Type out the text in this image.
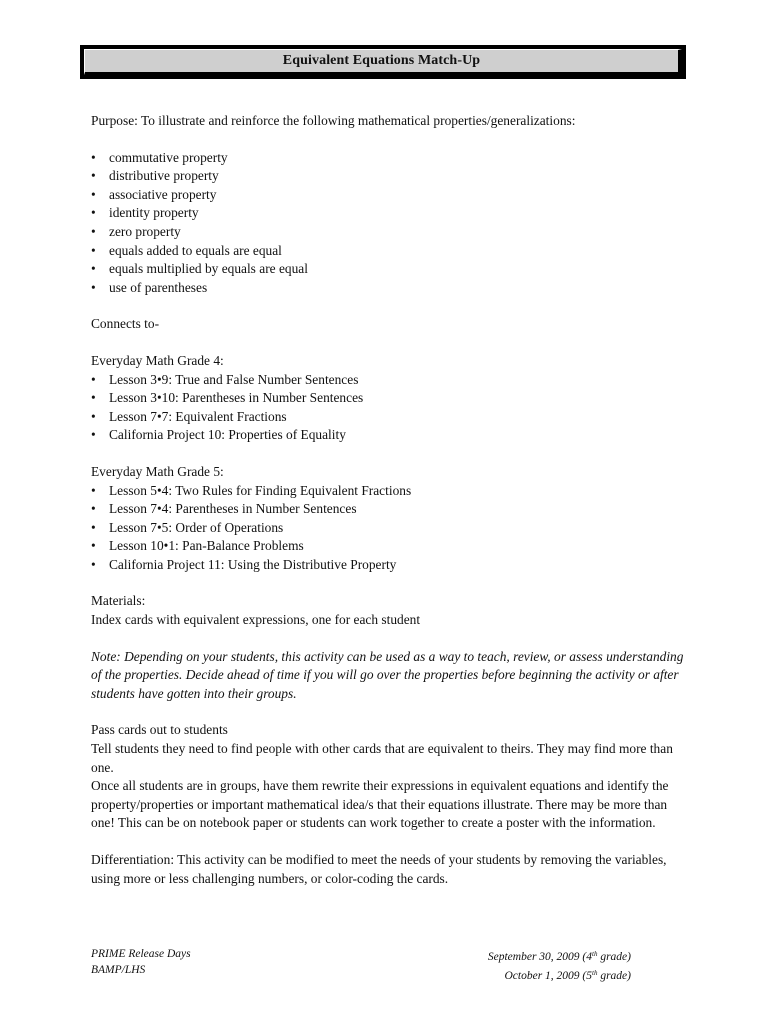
Equivalent Equations Match-Up

Purpose: To illustrate and reinforce the following mathematical properties/generalizations:

• commutative property
• distributive property
• associative property
• identity property
• zero property
• equals added to equals are equal
• equals multiplied by equals are equal
• use of parentheses

Connects to-

Everyday Math Grade 4:

• Lesson 3•9: True and False Number Sentences
• Lesson 3•10: Parentheses in Number Sentences
• Lesson 7•7: Equivalent Fractions
• California Project 10: Properties of Equality

Everyday Math Grade 5:

• Lesson 5•4: Two Rules for Finding Equivalent Fractions
• Lesson 7•4: Parentheses in Number Sentences
• Lesson 7•5: Order of Operations
• Lesson 10•1: Pan-Balance Problems
• California Project 11: Using the Distributive Property

Materials:

Index cards with equivalent expressions, one for each student

Note: Depending on your students, this activity can be used as a way to teach, review, or assess understanding of the properties. Decide ahead of time if you will go over the properties before beginning the activity or after students have gotten into their groups.

Pass cards out to students

Tell students they need to find people with other cards that are equivalent to theirs. They may find more than one.

Once all students are in groups, have them rewrite their expressions in equivalent equations and identify the property/properties or important mathematical idea/s that their equations illustrate. There may be more than one! This can be on notebook paper or students can work together to create a poster with the information.

Differentiation: This activity can be modified to meet the needs of your students by removing the variables, using more or less challenging numbers, or color-coding the cards.

PRIME Release Days
BAMP/LHS
September 30, 2009 (4th grade)
October 1, 2009 (5th grade)
